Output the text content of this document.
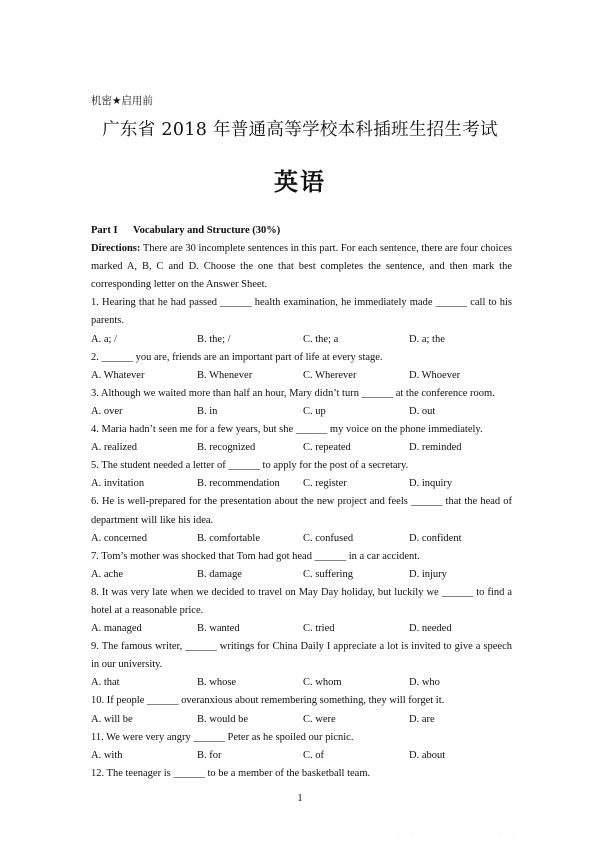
机密★启用前
广东省 2018 年普通高等学校本科插班生招生考试
英语
Part I Vocabulary and Structure (30%)
Directions: There are 30 incomplete sentences in this part. For each sentence, there are four choices marked A, B, C and D. Choose the one that best completes the sentence, and then mark the corresponding letter on the Answer Sheet.
1. Hearing that he had passed ______ health examination, he immediately made ______ call to his parents.
A. a; /	B. the; /	C. the; a	D. a; the
2. ______ you are, friends are an important part of life at every stage.
A. Whatever	B. Whenever	C. Wherever	D. Whoever
3. Although we waited more than half an hour, Mary didn’t turn ______ at the conference room.
A. over	B. in	C. up	D. out
4. Maria hadn’t seen me for a few years, but she ______ my voice on the phone immediately.
A. realized	B. recognized	C. repeated	D. reminded
5. The student needed a letter of ______ to apply for the post of a secretary.
A. invitation	B. recommendation	C. register	D. inquiry
6. He is well-prepared for the presentation about the new project and feels ______ that the head of department will like his idea.
A. concerned	B. comfortable	C. confused	D. confident
7. Tom’s mother was shocked that Tom had got head ______ in a car accident.
A. ache	B. damage	C. suffering	D. injury
8. It was very late when we decided to travel on May Day holiday, but luckily we ______ to find a hotel at a reasonable price.
A. managed	B. wanted	C. tried	D. needed
9. The famous writer, ______ writings for China Daily I appreciate a lot is invited to give a speech in our university.
A. that	B. whose	C. whom	D. who
10. If people ______ overanxious about remembering something, they will forget it.
A. will be	B. would be	C. were	D. are
11. We were very angry ______ Peter as he spoiled our picnic.
A. with	B. for	C. of	D. about
12. The teenager is ______ to be a member of the basketball team.
1
· · · · · · · · · · · ·
